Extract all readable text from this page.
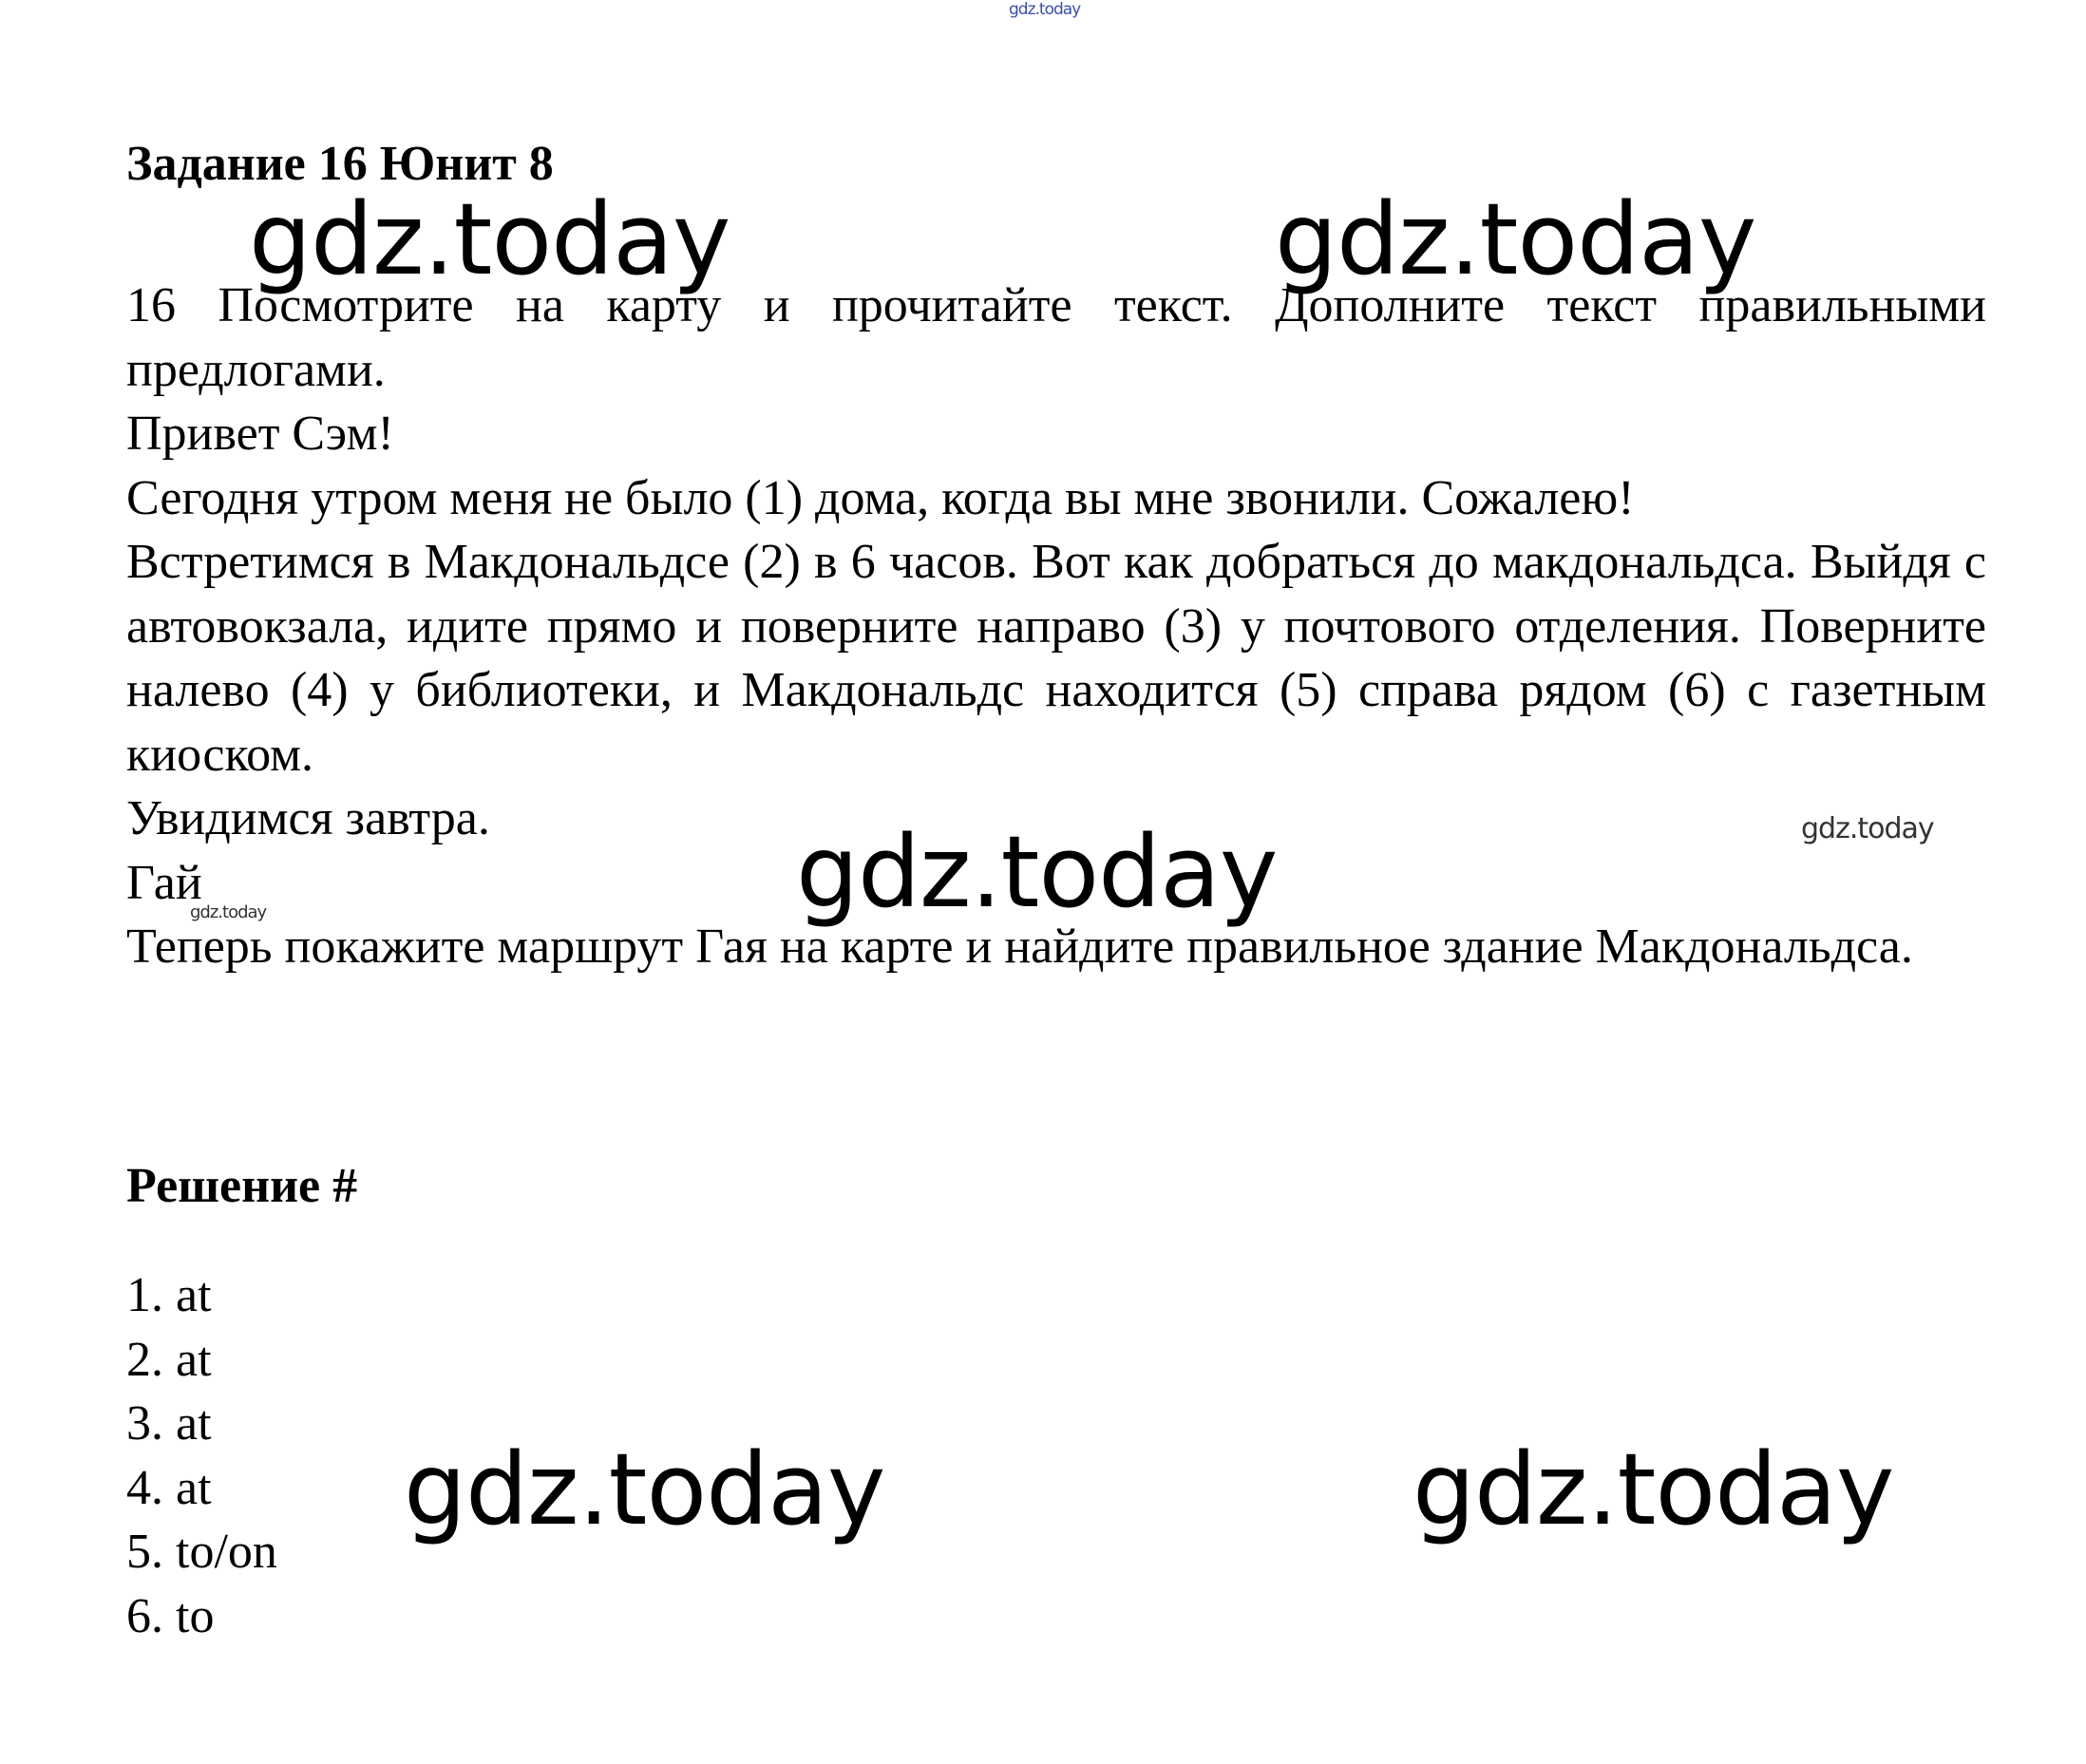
Задание 16 Юнит 8

16 Посмотрите на карту и прочитайте текст. Дополните текст правильными предлогами.

Привет Сэм!

Сегодня утром меня не было (1) дома, когда вы мне звонили. Сожалею!

Встретимся в Макдональдсе (2) в 6 часов. Вот как добраться до макдональдса. Выйдя с автовокзала, идите прямо и поверните направо (3) у почтового отделения. Поверните налево (4) у библиотеки, и Макдональдс находится (5) справа рядом (6) с газетным киоском.

Увидимся завтра.

Гай

Теперь покажите маршрут Гая на карте и найдите правильное здание Макдональдса.

Решение #
1. at
2. at
3. at
4. at
5. to/on
6. to
gdz.today
gdz.today	gdz.today
gdz.today	gdz.today
gdz.today
gdz.today	gdz.today
